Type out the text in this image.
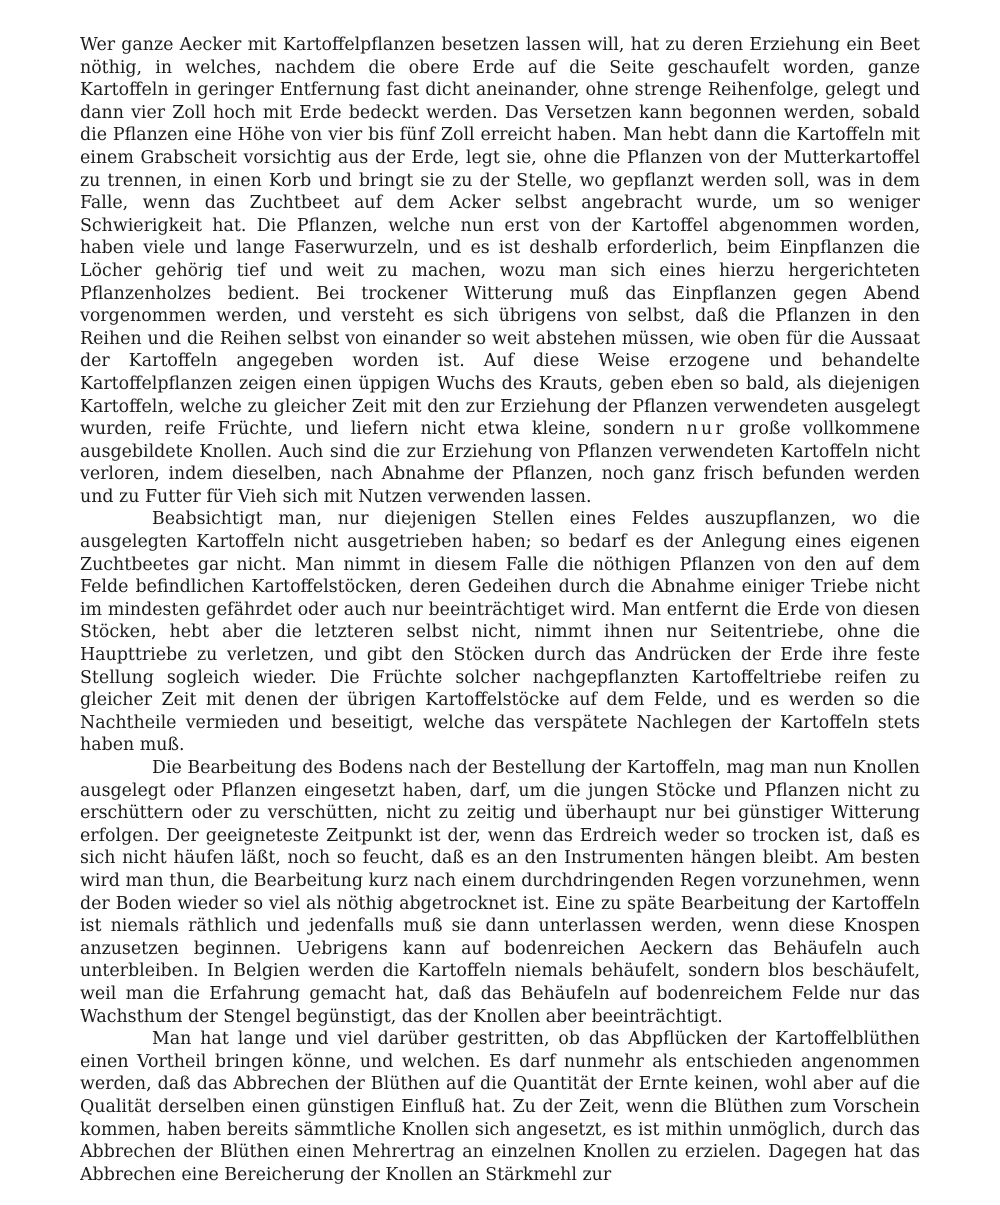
Wer ganze Aecker mit Kartoffelpflanzen besetzen lassen will, hat zu deren Erziehung ein Beet nöthig, in welches, nachdem die obere Erde auf die Seite geschaufelt worden, ganze Kartoffeln in geringer Entfernung fast dicht aneinander, ohne strenge Reihenfolge, gelegt und dann vier Zoll hoch mit Erde bedeckt werden. Das Versetzen kann begonnen werden, sobald die Pflanzen eine Höhe von vier bis fünf Zoll erreicht haben. Man hebt dann die Kartoffeln mit einem Grabscheit vorsichtig aus der Erde, legt sie, ohne die Pflanzen von der Mutterkartoffel zu trennen, in einen Korb und bringt sie zu der Stelle, wo gepflanzt werden soll, was in dem Falle, wenn das Zuchtbeet auf dem Acker selbst angebracht wurde, um so weniger Schwierigkeit hat. Die Pflanzen, welche nun erst von der Kartoffel abgenommen worden, haben viele und lange Faserwurzeln, und es ist deshalb erforderlich, beim Einpflanzen die Löcher gehörig tief und weit zu machen, wozu man sich eines hierzu hergerichteten Pflanzenholzes bedient. Bei trockener Witterung muß das Einpflanzen gegen Abend vorgenommen werden, und versteht es sich übrigens von selbst, daß die Pflanzen in den Reihen und die Reihen selbst von einander so weit abstehen müssen, wie oben für die Aussaat der Kartoffeln angegeben worden ist. Auf diese Weise erzogene und behandelte Kartoffelpflanzen zeigen einen üppigen Wuchs des Krauts, geben eben so bald, als diejenigen Kartoffeln, welche zu gleicher Zeit mit den zur Erziehung der Pflanzen verwendeten ausgelegt wurden, reife Früchte, und liefern nicht etwa kleine, sondern nur große vollkommene ausgebildete Knollen. Auch sind die zur Erziehung von Pflanzen verwendeten Kartoffeln nicht verloren, indem dieselben, nach Abnahme der Pflanzen, noch ganz frisch befunden werden und zu Futter für Vieh sich mit Nutzen verwenden lassen.

Beabsichtigt man, nur diejenigen Stellen eines Feldes auszupflanzen, wo die ausgelegten Kartoffeln nicht ausgetrieben haben; so bedarf es der Anlegung eines eigenen Zuchtbeetes gar nicht. Man nimmt in diesem Falle die nöthigen Pflanzen von den auf dem Felde befindlichen Kartoffelstöcken, deren Gedeihen durch die Abnahme einiger Triebe nicht im mindesten gefährdet oder auch nur beeinträchtiget wird. Man entfernt die Erde von diesen Stöcken, hebt aber die letzteren selbst nicht, nimmt ihnen nur Seitentriebe, ohne die Haupttriebe zu verletzen, und gibt den Stöcken durch das Andrücken der Erde ihre feste Stellung sogleich wieder. Die Früchte solcher nachgepflanzten Kartoffeltriebe reifen zu gleicher Zeit mit denen der übrigen Kartoffelstöcke auf dem Felde, und es werden so die Nachtheile vermieden und beseitigt, welche das verspätete Nachlegen der Kartoffeln stets haben muß.

Die Bearbeitung des Bodens nach der Bestellung der Kartoffeln, mag man nun Knollen ausgelegt oder Pflanzen eingesetzt haben, darf, um die jungen Stöcke und Pflanzen nicht zu erschüttern oder zu verschütten, nicht zu zeitig und überhaupt nur bei günstiger Witterung erfolgen. Der geeigneteste Zeitpunkt ist der, wenn das Erdreich weder so trocken ist, daß es sich nicht häufen läßt, noch so feucht, daß es an den Instrumenten hängen bleibt. Am besten wird man thun, die Bearbeitung kurz nach einem durchdringenden Regen vorzunehmen, wenn der Boden wieder so viel als nöthig abgetrocknet ist. Eine zu späte Bearbeitung der Kartoffeln ist niemals räthlich und jedenfalls muß sie dann unterlassen werden, wenn diese Knospen anzusetzen beginnen. Uebrigens kann auf bodenreichen Aeckern das Behäufeln auch unterbleiben. In Belgien werden die Kartoffeln niemals behäufelt, sondern blos beschäufelt, weil man die Erfahrung gemacht hat, daß das Behäufeln auf bodenreichem Felde nur das Wachsthum der Stengel begünstigt, das der Knollen aber beeinträchtigt.

Man hat lange und viel darüber gestritten, ob das Abpflücken der Kartoffelblüthen einen Vortheil bringen könne, und welchen. Es darf nunmehr als entschieden angenommen werden, daß das Abbrechen der Blüthen auf die Quantität der Ernte keinen, wohl aber auf die Qualität derselben einen günstigen Einfluß hat. Zu der Zeit, wenn die Blüthen zum Vorschein kommen, haben bereits sämmtliche Knollen sich angesetzt, es ist mithin unmöglich, durch das Abbrechen der Blüthen einen Mehrertrag an einzelnen Knollen zu erzielen. Dagegen hat das Abbrechen eine Bereicherung der Knollen an Stärkmehl zur
